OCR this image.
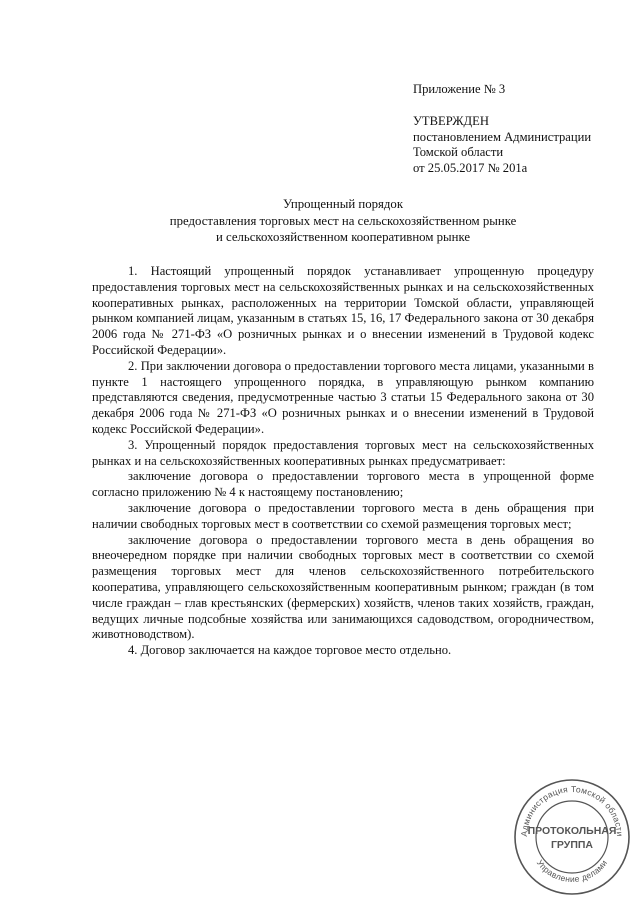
Приложение № 3
УТВЕРЖДЕН
постановлением Администрации
Томской области
от 25.05.2017 № 201а
Упрощенный порядок
предоставления торговых мест на сельскохозяйственном рынке
и сельскохозяйственном кооперативном рынке

1. Настоящий упрощенный порядок устанавливает упрощенную процедуру предоставления торговых мест на сельскохозяйственных рынках и на сельскохозяйственных кооперативных рынках, расположенных на территории Томской области, управляющей рынком компанией лицам, указанным в статьях 15, 16, 17 Федерального закона от 30 декабря 2006 года № 271-ФЗ «О розничных рынках и о внесении изменений в Трудовой кодекс Российской Федерации».

2. При заключении договора о предоставлении торгового места лицами, указанными в пункте 1 настоящего упрощенного порядка, в управляющую рынком компанию представляются сведения, предусмотренные частью 3 статьи 15 Федерального закона от 30 декабря 2006 года № 271-ФЗ «О розничных рынках и о внесении изменений в Трудовой кодекс Российской Федерации».

3. Упрощенный порядок предоставления торговых мест на сельскохозяйственных рынках и на сельскохозяйственных кооперативных рынках предусматривает:

заключение договора о предоставлении торгового места в упрощенной форме согласно приложению № 4 к настоящему постановлению;

заключение договора о предоставлении торгового места в день обращения при наличии свободных торговых мест в соответствии со схемой размещения торговых мест;

заключение договора о предоставлении торгового места в день обращения во внеочередном порядке при наличии свободных торговых мест в соответствии со схемой размещения торговых мест для членов сельскохозяйственного потребительского кооператива, управляющего сельскохозяйственным кооперативным рынком; граждан (в том числе граждан – глав крестьянских (фермерских) хозяйств, членов таких хозяйств, граждан, ведущих личные подсобные хозяйства или занимающихся садоводством, огородничеством, животноводством).

4. Договор заключается на каждое торговое место отдельно.

Администрация Томской области
Управление делами
ПРОТОКОЛЬНАЯ
ГРУППА
